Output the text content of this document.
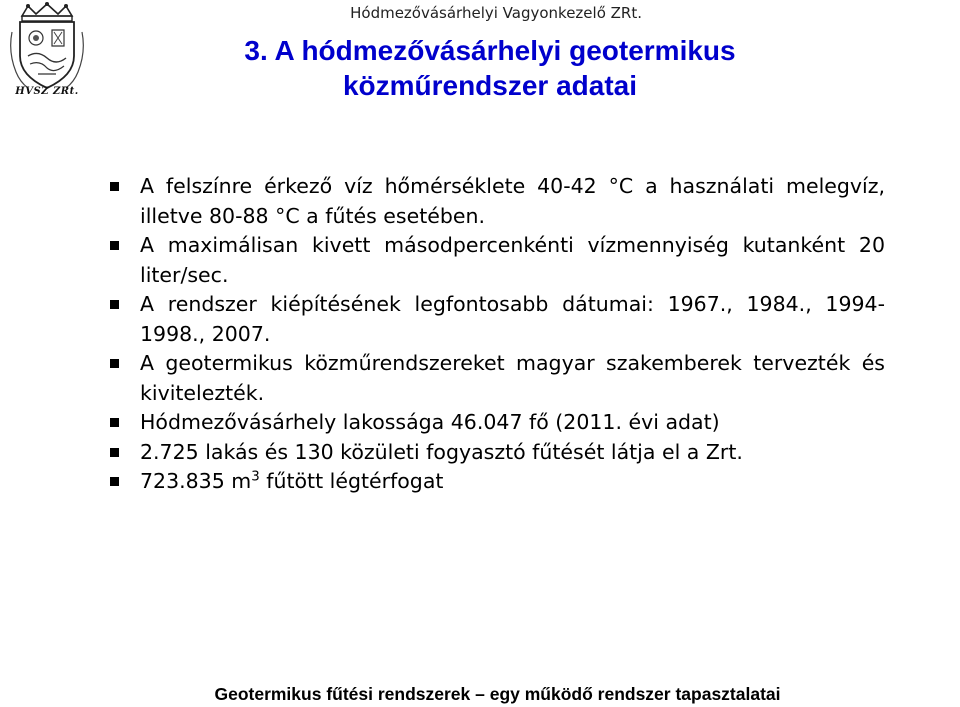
Hódmezővásárhelyi Vagyonkezelő ZRt.
HVSZ ZRt.
3. A hódmezővásárhelyi geotermikus
közműrendszer adatai
A felszínre érkező víz hőmérséklete 40-42 °C a használati melegvíz, illetve 80-88 °C a fűtés esetében.
A maximálisan kivett másodpercenkénti vízmennyiség kutanként 20 liter/sec.
A rendszer kiépítésének legfontosabb dátumai: 1967., 1984., 1994-1998., 2007.
A geotermikus közműrendszereket magyar szakemberek tervezték és kivitelezték.
Hódmezővásárhely lakossága 46.047 fő (2011. évi adat)
2.725 lakás és 130 közületi fogyasztó fűtését látja el a Zrt.
723.835 $m^3$ fűtött légtérfogat
Geotermikus fűtési rendszerek – egy működő rendszer tapasztalatai
